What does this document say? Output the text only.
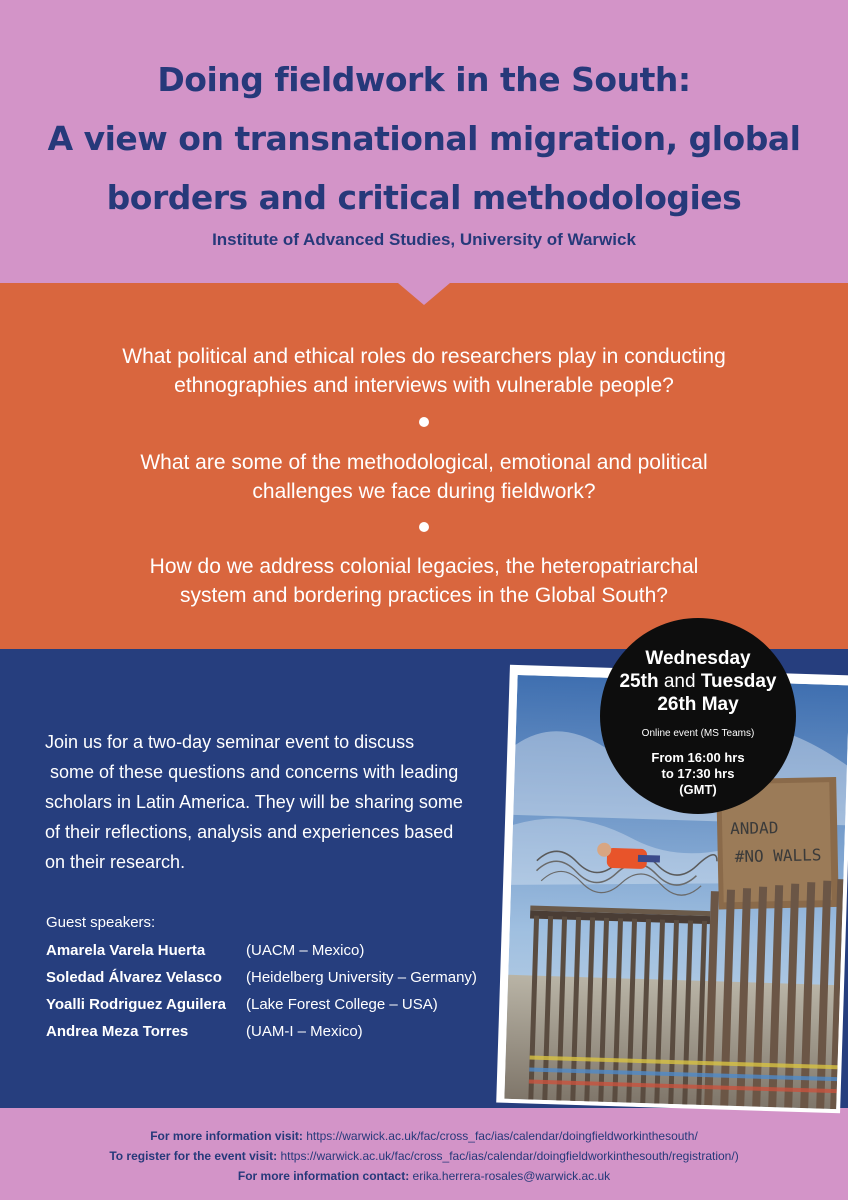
Doing fieldwork in the South:
A view on transnational migration, global
borders and critical methodologies
Institute of Advanced Studies, University of Warwick
What political and ethical roles do researchers play in conducting
ethnographies and interviews with vulnerable people?
What are some of the methodological, emotional and political
challenges we face during fieldwork?
How do we address colonial legacies, the heteropatriarchal
system and bordering practices in the Global South?
Join us for a two-day seminar event to discuss
some of these questions and concerns with leading
scholars in Latin America. They will be sharing some
of their reflections, analysis and experiences based
on their research.
Guest speakers:
Amarela Varela Huerta	(UACM – Mexico)
Soledad Álvarez Velasco (Heidelberg University – Germany)
Yoalli Rodriguez Aguilera (Lake Forest College – USA)
Andrea Meza Torres	(UAM-I – Mexico)
ANDAD
#NO WALLS
Wednesday
25th and Tuesday
26th May
Online event (MS Teams)
From 16:00 hrs
to 17:30 hrs
(GMT)
For more information visit: https://warwick.ac.uk/fac/cross_fac/ias/calendar/doingfieldworkinthesouth/
To register for the event visit: https://warwick.ac.uk/fac/cross_fac/ias/calendar/doingfieldworkinthesouth/registration/)
For more information contact: erika.herrera-rosales@warwick.ac.uk
